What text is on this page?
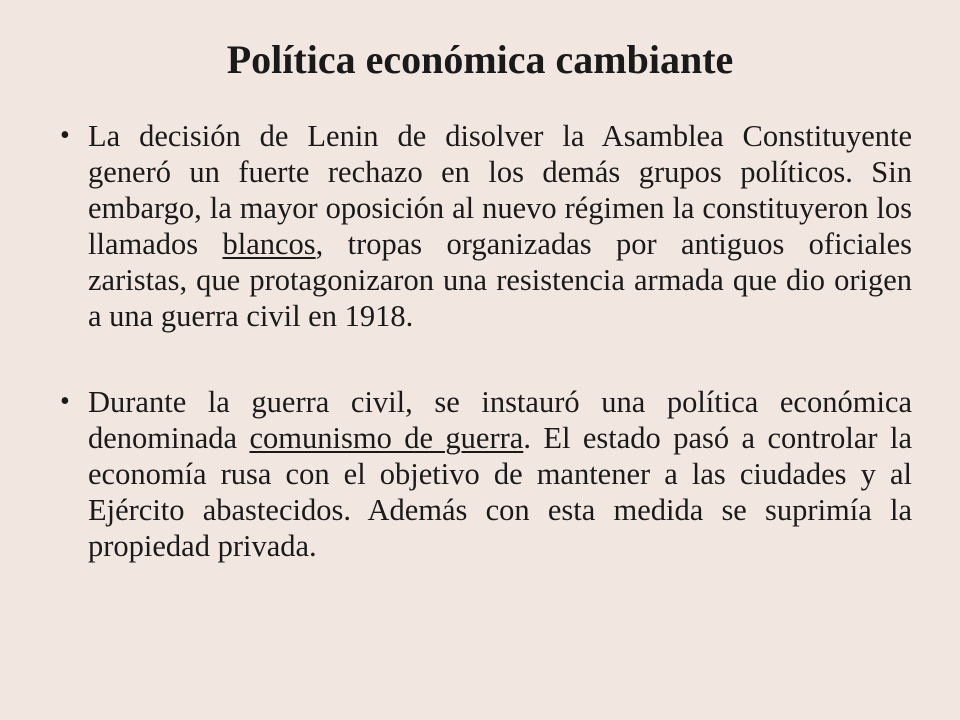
Política económica cambiante
• La decisión de Lenin de disolver la Asamblea Constituyente generó un fuerte rechazo en los demás grupos políticos. Sin embargo, la mayor oposición al nuevo régimen la constituyeron los llamados blancos, tropas organizadas por antiguos oficiales zaristas, que protagonizaron una resistencia armada que dio origen a una guerra civil en 1918.
• Durante la guerra civil, se instauró una política económica denominada comunismo de guerra. El estado pasó a controlar la economía rusa con el objetivo de mantener a las ciudades y al Ejército abastecidos. Además con esta medida se suprimía la propiedad privada.
